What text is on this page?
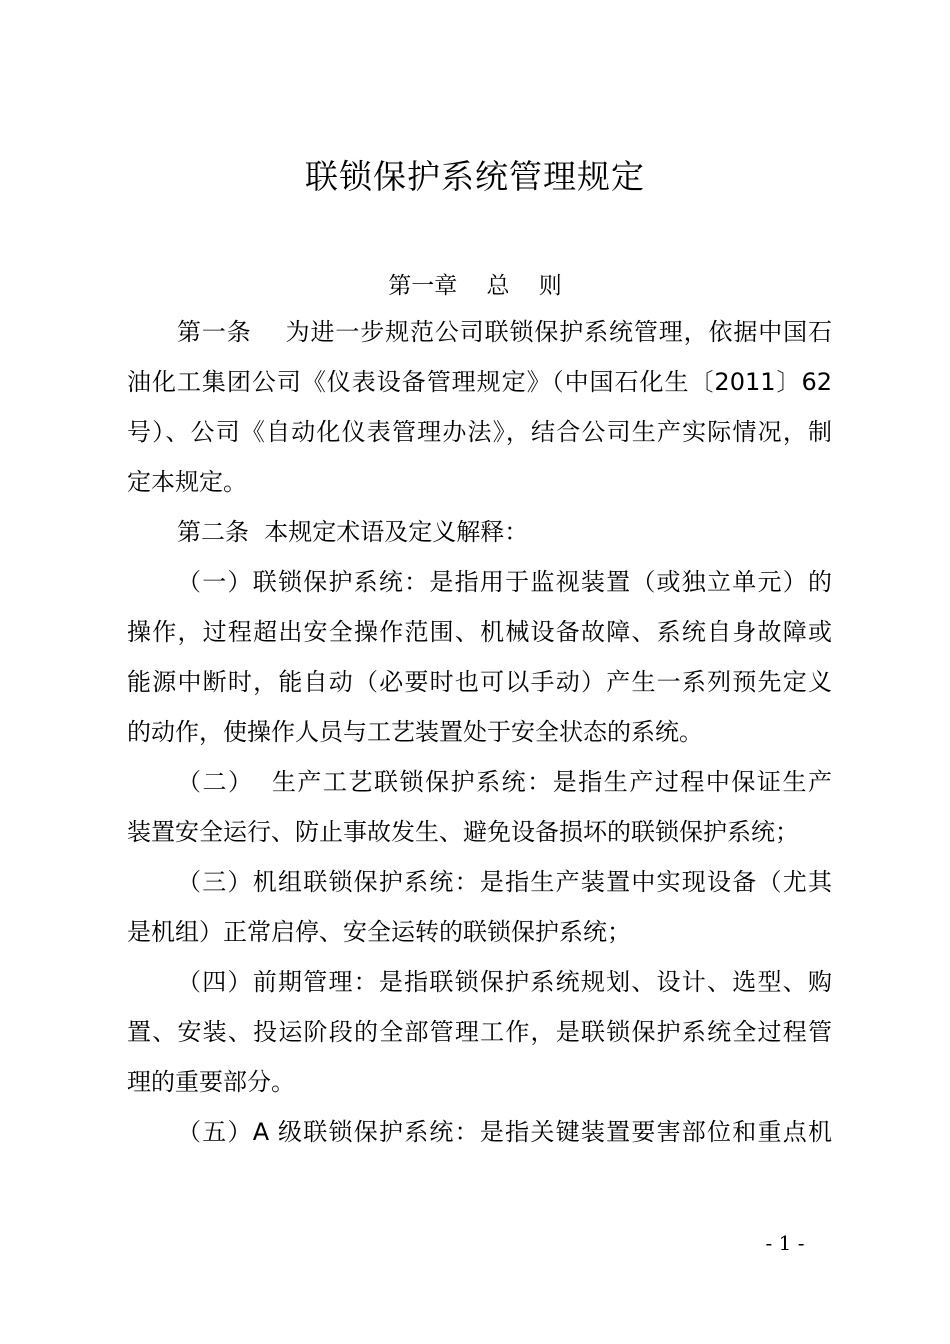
联锁保护系统管理规定
第一章    总    则
第一条    为进一步规范公司联锁保护系统管理，依据中国石
油化工集团公司《仪表设备管理规定》（中国石化生〔2011〕62
号）、公司《自动化仪表管理办法》，结合公司生产实际情况，制
定本规定。
第二条  本规定术语及定义解释：
（一）联锁保护系统：是指用于监视装置（或独立单元）的
操作，过程超出安全操作范围、机械设备故障、系统自身故障或
能源中断时，能自动（必要时也可以手动）产生一系列预先定义
的动作，使操作人员与工艺装置处于安全状态的系统。
（二）  生产工艺联锁保护系统：是指生产过程中保证生产
装置安全运行、防止事故发生、避免设备损坏的联锁保护系统；
（三）机组联锁保护系统：是指生产装置中实现设备（尤其
是机组）正常启停、安全运转的联锁保护系统；
（四）前期管理：是指联锁保护系统规划、设计、选型、购
置、安装、投运阶段的全部管理工作，是联锁保护系统全过程管
理的重要部分。
（五）A 级联锁保护系统：是指关键装置要害部位和重点机
- 1 -
